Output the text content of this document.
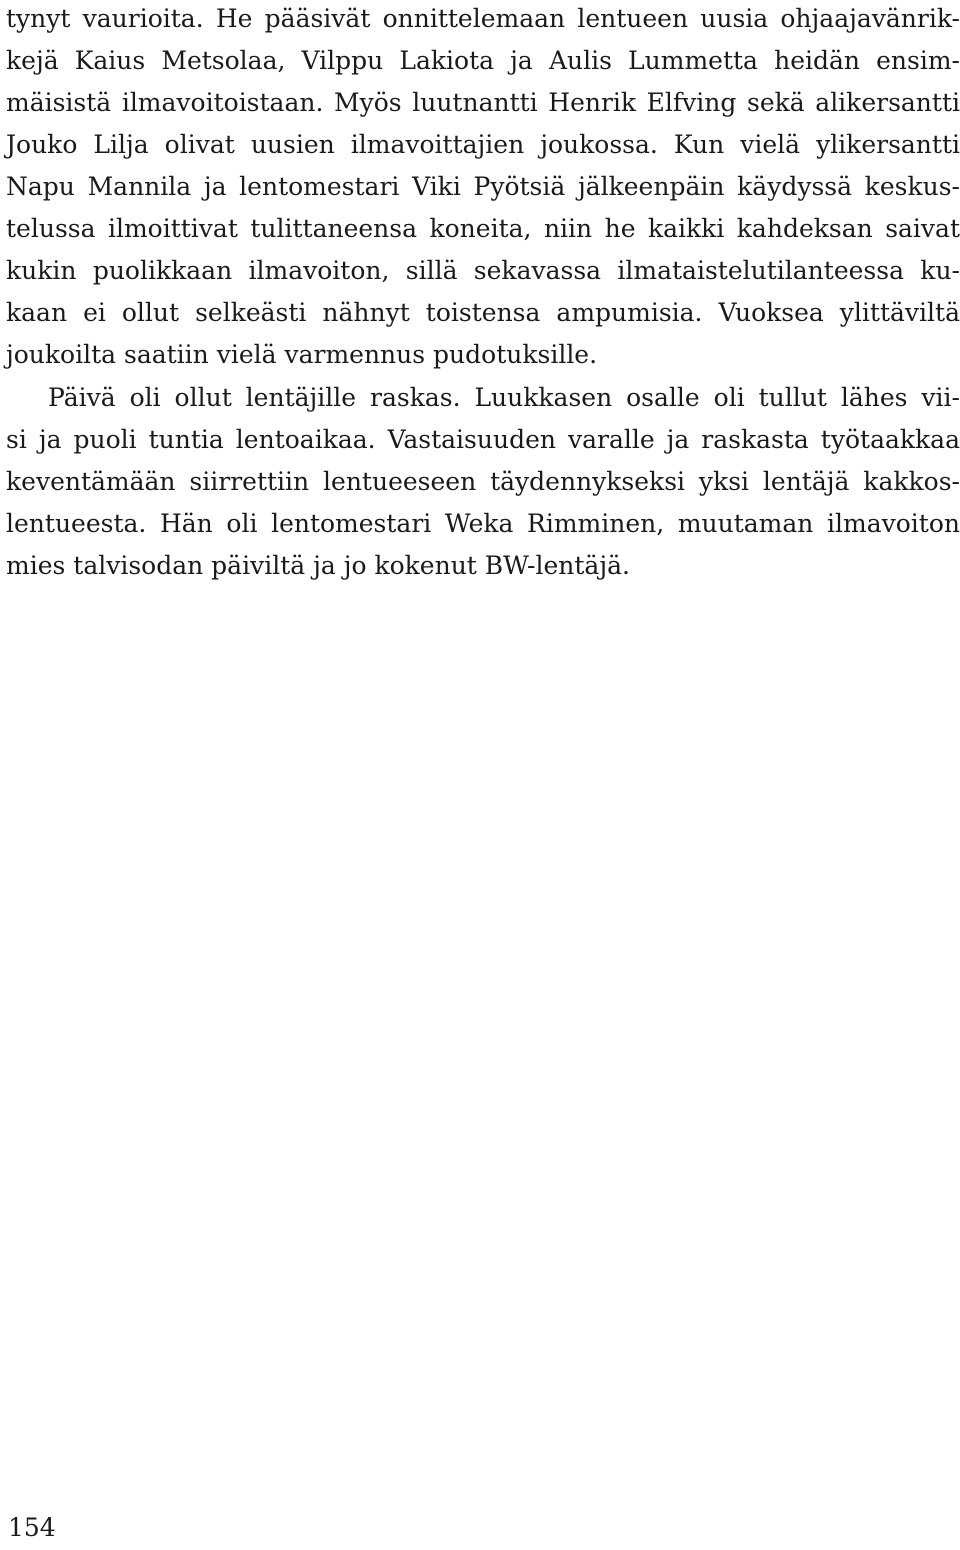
tynyt vaurioita. He pääsivät onnittelemaan lentueen uusia ohjaajavänrik-
kejä Kaius Metsolaa, Vilppu Lakiota ja Aulis Lummetta heidän ensim-
mäisistä ilmavoitoistaan. Myös luutnantti Henrik Elfving sekä alikersantti
Jouko Lilja olivat uusien ilmavoittajien joukossa. Kun vielä ylikersantti
Napu Mannila ja lentomestari Viki Pyötsiä jälkeenpäin käydyssä keskus-
telussa ilmoittivat tulittaneensa koneita, niin he kaikki kahdeksan saivat
kukin puolikkaan ilmavoiton, sillä sekavassa ilmataistelutilanteessa ku-
kaan ei ollut selkeästi nähnyt toistensa ampumisia. Vuoksea ylittäviltä
joukoilta saatiin vielä varmennus pudotuksille.
Päivä oli ollut lentäjille raskas. Luukkasen osalle oli tullut lähes vii-
si ja puoli tuntia lentoaikaa. Vastaisuuden varalle ja raskasta työtaakkaa
keventämään siirrettiin lentueeseen täydennykseksi yksi lentäjä kakkos-
lentueesta. Hän oli lentomestari Weka Rimminen, muutaman ilmavoiton
mies talvisodan päiviltä ja jo kokenut BW-lentäjä.
154
